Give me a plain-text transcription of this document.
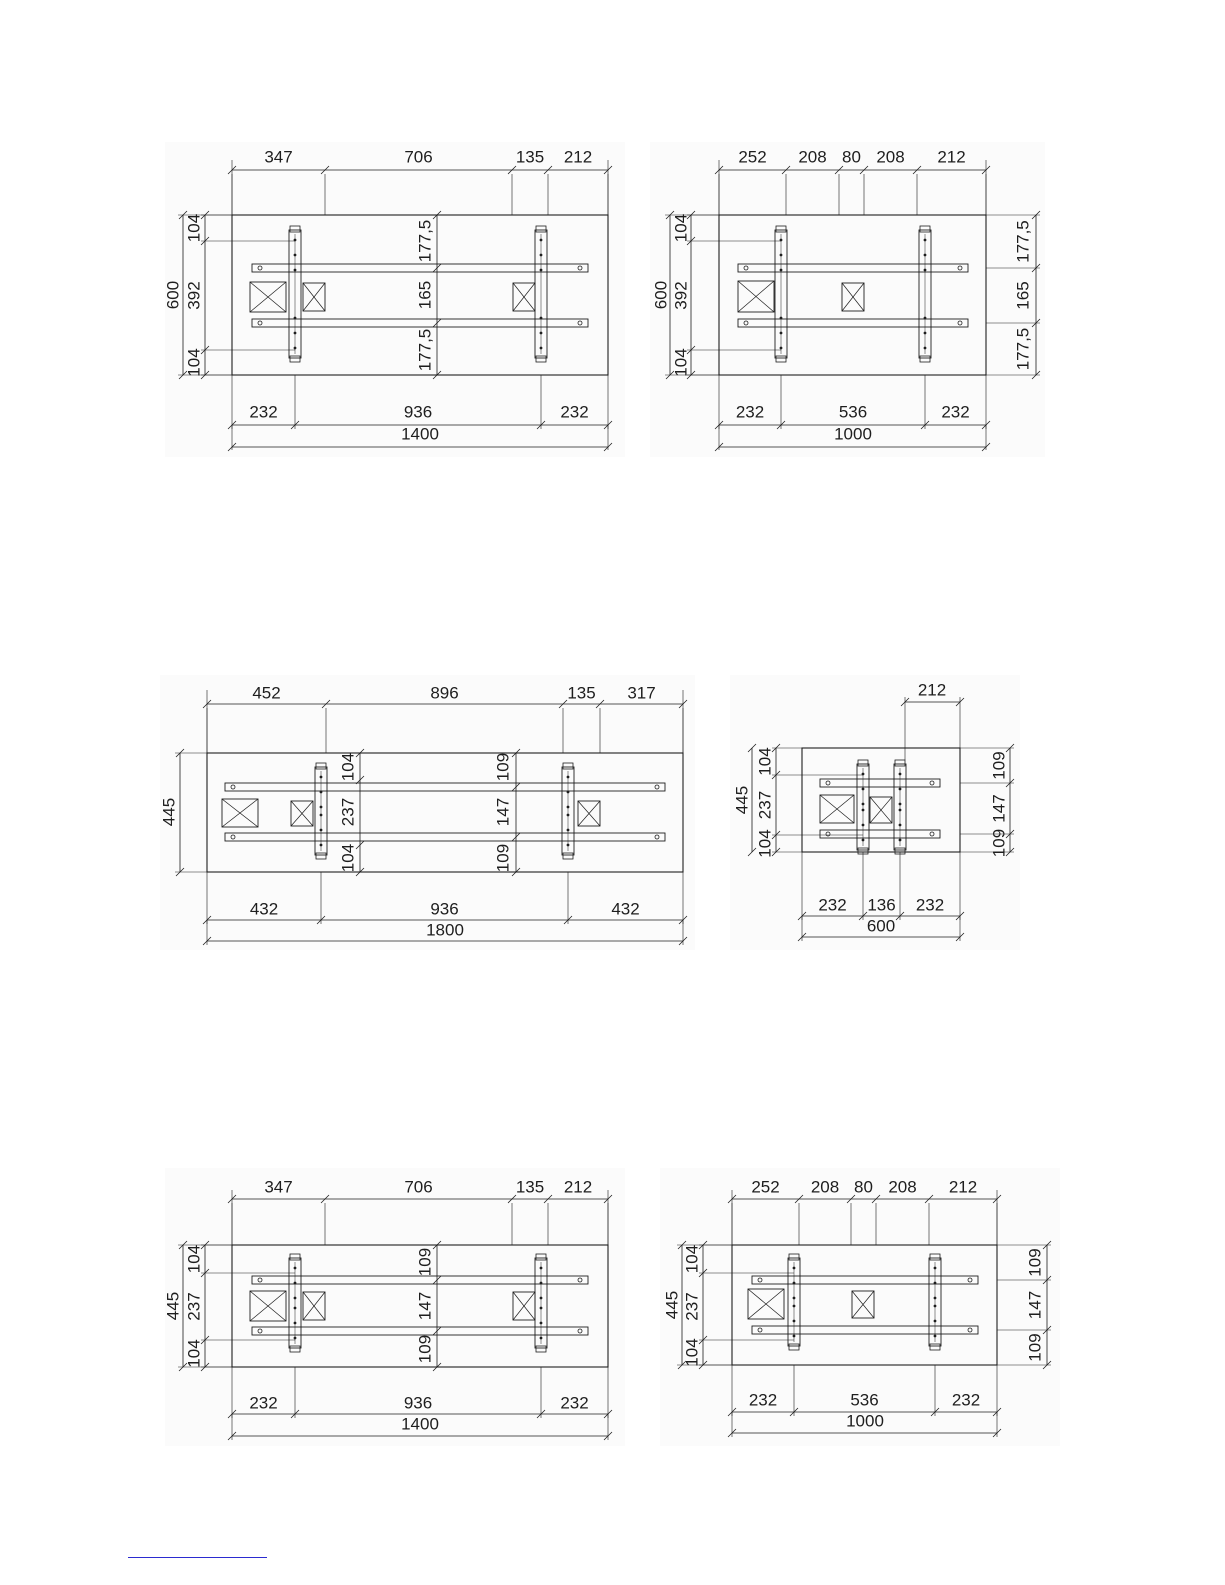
347	706	135 212
104
392
104
600
177,5
165
177,5
232	936	232
1400
252 208 80 208 212
104
392
104
600
177,5
165
177,5
232	536	232
1000
452	896	135 317
445
104
237
104
109
147
109
432	936	432
1800
212
104
237
104
445
109
147
109
232 136 232
600
347	706	135 212
104
237
104
445
109
147
109
232	936	232
1400
252 208 80 208 212
104
237
104
445
109
147
109
232	536	232
1000
